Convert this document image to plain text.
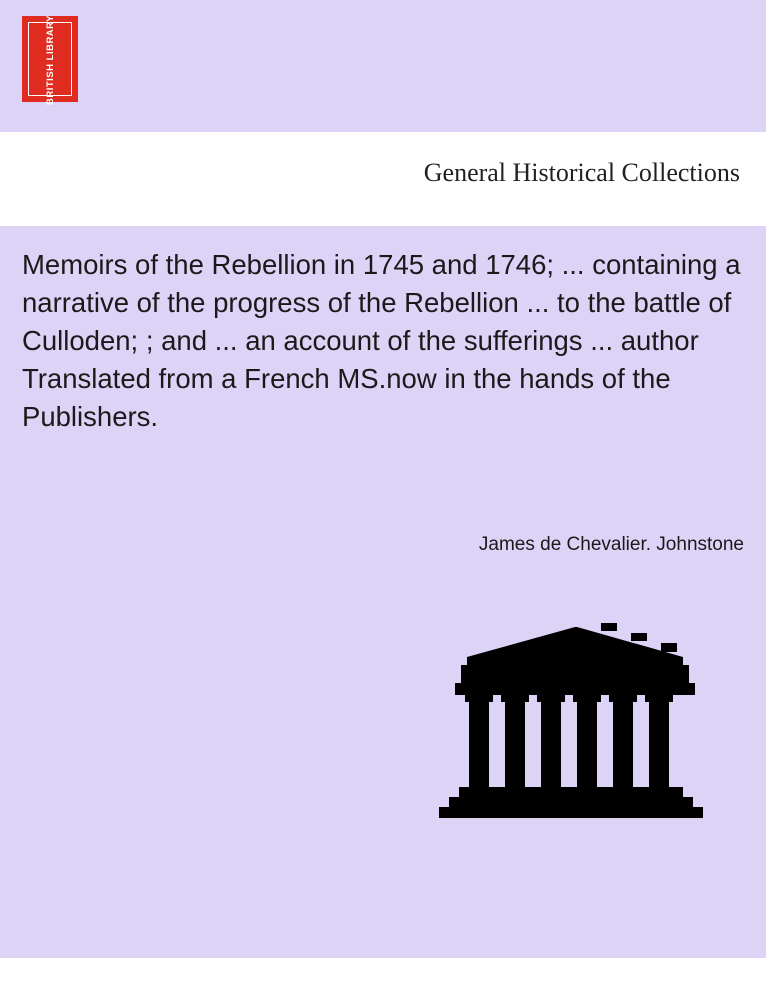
BRITISH

LIBRARY
General Historical Collections
Memoirs of the Rebellion in 1745 and 1746; ... containing a narrative of the progress of the Rebellion ... to the battle of Culloden; ; and ... an account of the sufferings ... author Translated from a French MS.now in the hands of the Publishers.
James de Chevalier. Johnstone
